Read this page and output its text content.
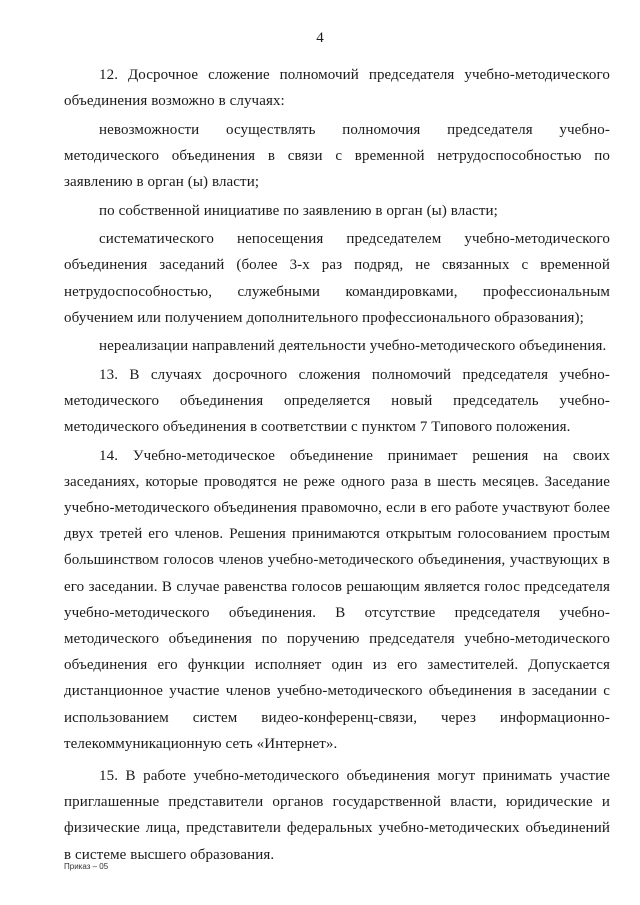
4

12. Досрочное сложение полномочий председателя учебно-методического объединения возможно в случаях:

невозможности осуществлять полномочия председателя учебно-методического объединения в связи с временной нетрудоспособностью по заявлению в орган (ы) власти;

по собственной инициативе по заявлению в орган (ы) власти;

систематического непосещения председателем учебно-методического объединения заседаний (более 3-х раз подряд, не связанных с временной нетрудоспособностью, служебными командировками, профессиональным обучением или получением дополнительного профессионального образования);

нереализации направлений деятельности учебно-методического объединения.

13. В случаях досрочного сложения полномочий председателя учебно-методического объединения определяется новый председатель учебно-методического объединения в соответствии с пунктом 7 Типового положения.

14. Учебно-методическое объединение принимает решения на своих заседаниях, которые проводятся не реже одного раза в шесть месяцев. Заседание учебно-методического объединения правомочно, если в его работе участвуют более двух третей его членов. Решения принимаются открытым голосованием простым большинством голосов членов учебно-методического объединения, участвующих в его заседании. В случае равенства голосов решающим является голос председателя учебно-методического объединения. В отсутствие председателя учебно-методического объединения по поручению председателя учебно-методического объединения его функции исполняет один из его заместителей. Допускается дистанционное участие членов учебно-методического объединения в заседании с использованием систем видео-конференц-связи, через информационно-телекоммуникационную сеть «Интернет».

15. В работе учебно-методического объединения могут принимать участие приглашенные представители органов государственной власти, юридические и физические лица, представители федеральных учебно-методических объединений в системе высшего образования.

Приказ – 05
